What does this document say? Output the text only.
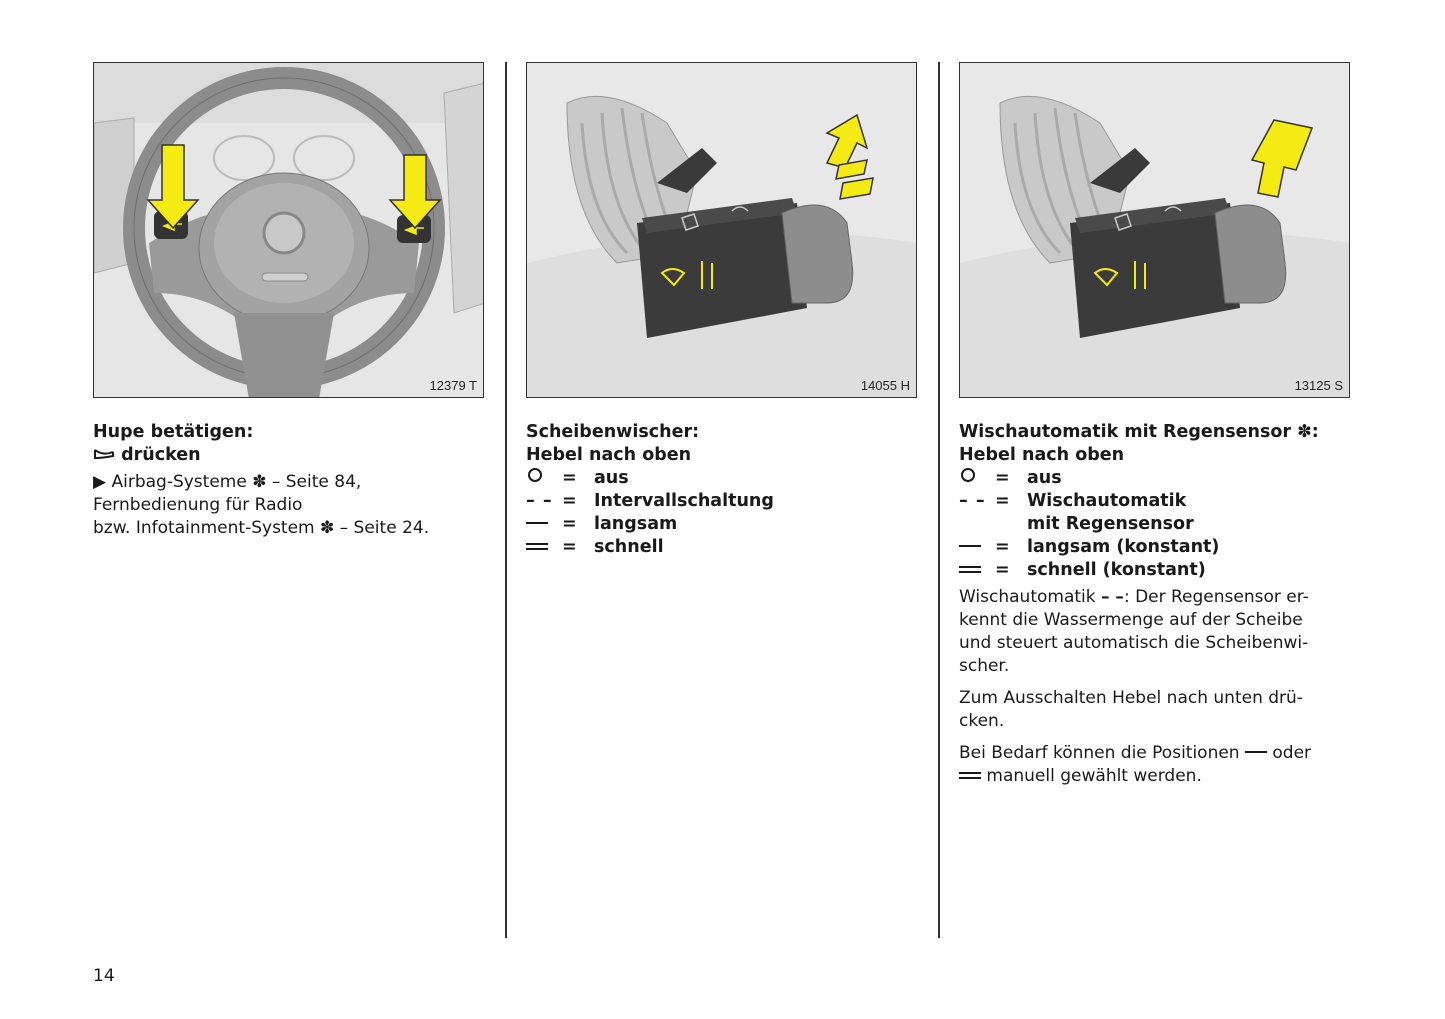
12379 T	14055 H	13125 S
Hupe betätigen:
drücken
▶ Airbag-Systeme ✽ – Seite 84,
Fernbedienung für Radio
bzw. Infotainment-System ✽ – Seite 24.
Scheibenwischer:
Hebel nach oben
= aus
– – = Intervallschaltung
= langsam
= schnell
Wischautomatik mit Regensensor ✽:
Hebel nach oben
= aus
– – = Wischautomatik
mit Regensensor
= langsam (konstant)
= schnell (konstant)
Wischautomatik – –: Der Regensensor er-
kennt die Wassermenge auf der Scheibe
und steuert automatisch die Scheibenwi-
scher.
Zum Ausschalten Hebel nach unten drü-
cken.
Bei Bedarf können die Positionen oder
manuell gewählt werden.
14
